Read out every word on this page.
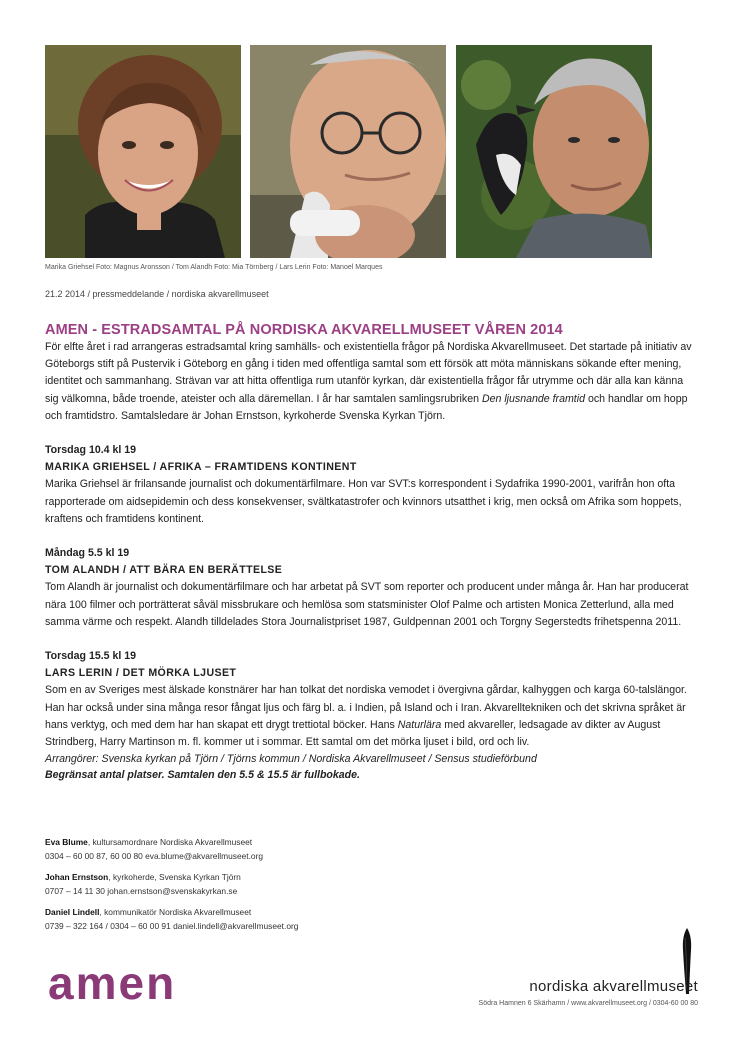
Marika Griehsel Foto: Magnus Aronsson / Tom Alandh Foto: Mia Törnberg / Lars Lerin Foto: Manoel Marques
21.2 2014 / pressmeddelande / nordiska akvarellmuseet
AMEN - ESTRADSAMTAL PÅ NORDISKA AKVARELLMUSEET VÅREN 2014

För elfte året i rad arrangeras estradsamtal kring samhälls- och existentiella frågor på Nordiska Akvarellmuseet. Det startade på initiativ av Göteborgs stift på Pustervik i Göteborg en gång i tiden med offentliga samtal som ett försök att möta människans sökande efter mening, identitet och sammanhang. Strävan var att hitta offentliga rum utanför kyrkan, där existentiella frågor får utrymme och där alla kan känna sig välkomna, både troende, ateister och alla däremellan. I år har samtalen samlingsrubriken Den ljusnande framtid och handlar om hopp och framtidstro. Samtalsledare är Johan Ernstson, kyrkoherde Svenska Kyrkan Tjörn.

Torsdag 10.4 kl 19
MARIKA GRIEHSEL / AFRIKA – FRAMTIDENS KONTINENT

Marika Griehsel är frilansande journalist och dokumentärfilmare. Hon var SVT:s korrespondent i Sydafrika 1990-2001, varifrån hon ofta rapporterade om aidsepidemin och dess konsekvenser, svältkatastrofer och kvinnors utsatthet i krig, men också om Afrika som hoppets, kraftens och framtidens kontinent.

Måndag 5.5 kl 19
TOM ALANDH / ATT BÄRA EN BERÄTTELSE

Tom Alandh är journalist och dokumentärfilmare och har arbetat på SVT som reporter och producent under många år. Han har producerat nära 100 filmer och porträtterat såväl missbrukare och hemlösa som statsminister Olof Palme och artisten Monica Zetterlund, alla med samma värme och respekt. Alandh tilldelades Stora Journalistpriset 1987, Guldpennan 2001 och Torgny Segerstedts frihetspenna 2011.

Torsdag 15.5 kl 19
LARS LERIN / DET MÖRKA LJUSET

Som en av Sveriges mest älskade konstnärer har han tolkat det nordiska vemodet i övergivna gårdar, kalhyggen och karga 60-talslängor. Han har också under sina många resor fångat ljus och färg bl. a. i Indien, på Island och i Iran. Akvarelltekniken och det skrivna språket är hans verktyg, och med dem har han skapat ett drygt trettiotal böcker. Hans Naturlära med akvareller, ledsagade av dikter av August Strindberg, Harry Martinson m. fl. kommer ut i sommar. Ett samtal om det mörka ljuset i bild, ord och liv.

Arrangörer: Svenska kyrkan på Tjörn / Tjörns kommun / Nordiska Akvarellmuseet / Sensus studieförbund
Begränsat antal platser. Samtalen den 5.5 & 15.5 är fullbokade.
Eva Blume, kultursamordnare Nordiska Akvarellmuseet
0304 – 60 00 87, 60 00 80 eva.blume@akvarellmuseet.org
Johan Ernstson, kyrkoherde, Svenska Kyrkan Tjörn
0707 – 14 11 30 johan.ernstson@svenskakyrkan.se
Daniel Lindell, kommunikatör Nordiska Akvarellmuseet
0739 – 322 164 / 0304 – 60 00 91 daniel.lindell@akvarellmuseet.org
amen	nordiska akvarellmuseet
Södra Hamnen 6 Skärhamn / www.akvarellmuseet.org / 0304-60 00 80
